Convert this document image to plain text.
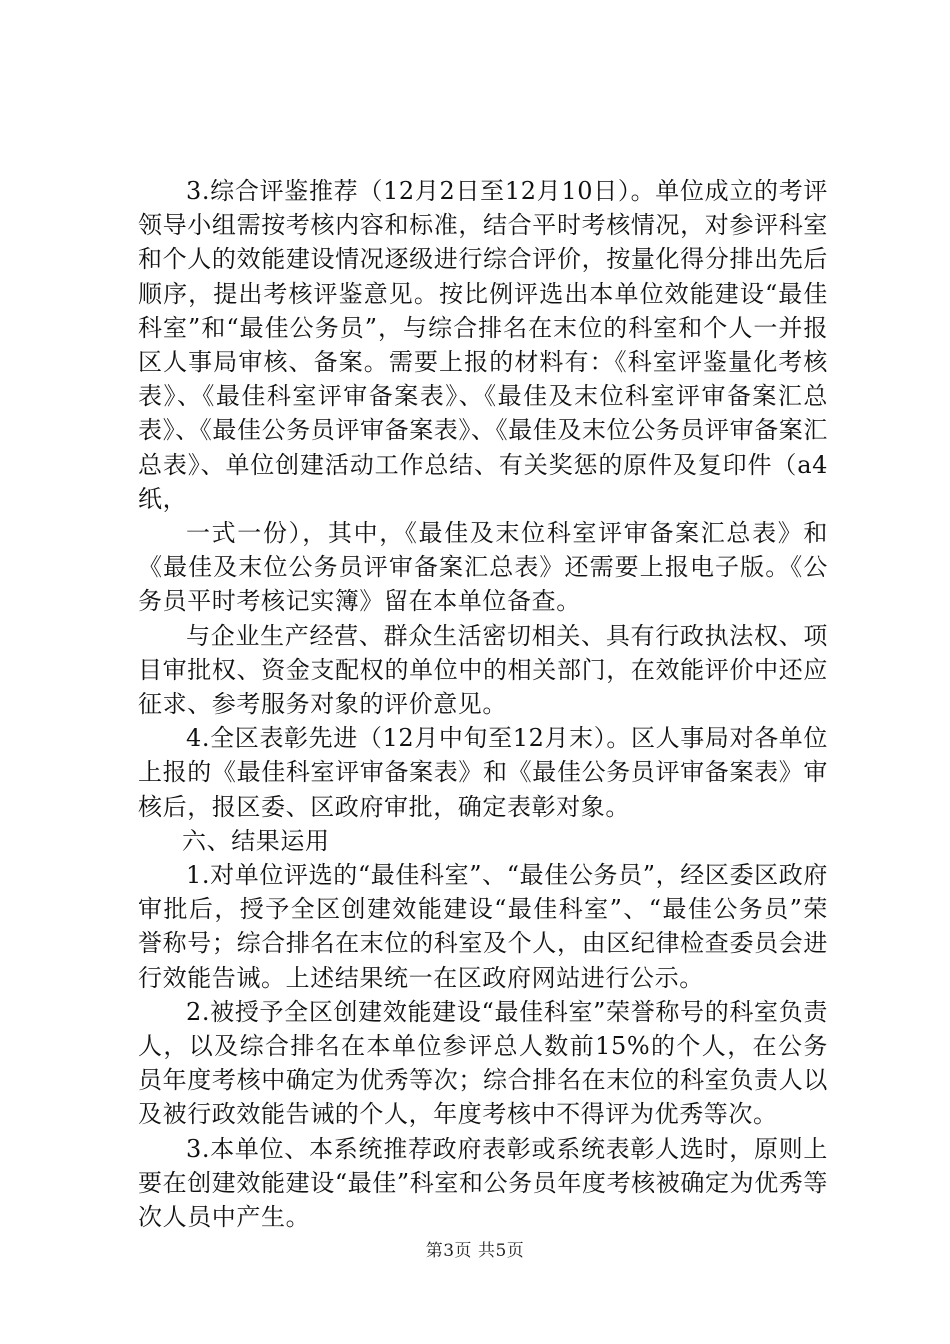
3.综合评鉴推荐（12月2日至12月10日）。单位成立的考评领导小组需按考核内容和标准，结合平时考核情况，对参评科室和个人的效能建设情况逐级进行综合评价，按量化得分排出先后顺序，提出考核评鉴意见。按比例评选出本单位效能建设“最佳科室”和“最佳公务员”，与综合排名在末位的科室和个人一并报区人事局审核、备案。需要上报的材料有：《科室评鉴量化考核表》、《最佳科室评审备案表》、《最佳及末位科室评审备案汇总表》、《最佳公务员评审备案表》、《最佳及末位公务员评审备案汇总表》、单位创建活动工作总结、有关奖惩的原件及复印件（a4纸，

一式一份），其中，《最佳及末位科室评审备案汇总表》和《最佳及末位公务员评审备案汇总表》还需要上报电子版。《公务员平时考核记实簿》留在本单位备查。

与企业生产经营、群众生活密切相关、具有行政执法权、项目审批权、资金支配权的单位中的相关部门，在效能评价中还应征求、参考服务对象的评价意见。

4.全区表彰先进（12月中旬至12月末）。区人事局对各单位上报的《最佳科室评审备案表》和《最佳公务员评审备案表》审核后，报区委、区政府审批，确定表彰对象。

六、结果运用

1.对单位评选的“最佳科室”、“最佳公务员”，经区委区政府审批后，授予全区创建效能建设“最佳科室”、“最佳公务员”荣誉称号；综合排名在末位的科室及个人，由区纪律检查委员会进行效能告诫。上述结果统一在区政府网站进行公示。

2.被授予全区创建效能建设“最佳科室”荣誉称号的科室负责人，以及综合排名在本单位参评总人数前15%的个人，在公务员年度考核中确定为优秀等次；综合排名在末位的科室负责人以及被行政效能告诫的个人，年度考核中不得评为优秀等次。

3.本单位、本系统推荐政府表彰或系统表彰人选时，原则上要在创建效能建设“最佳”科室和公务员年度考核被确定为优秀等次人员中产生。

第3页 共5页
